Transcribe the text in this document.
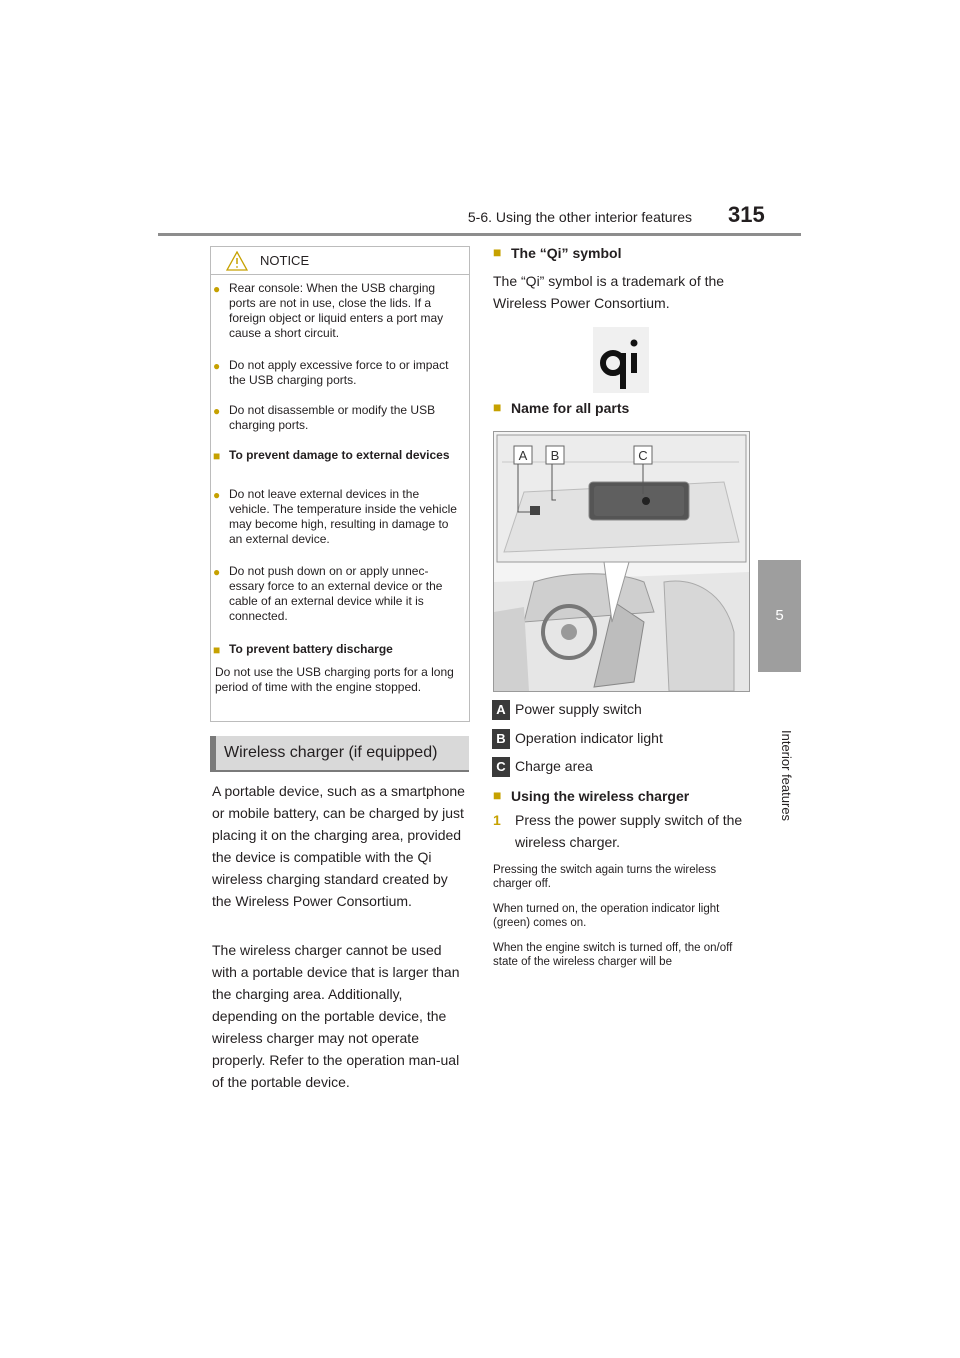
5-6. Using the other interior features 315
5
Interior features
NOTICE
● Rear console: When the USB charging ports are not in use, close the lids. If a foreign object or liquid enters a port may cause a short circuit.
● Do not apply excessive force to or impact the USB charging ports.
● Do not disassemble or modify the USB charging ports.
■ To prevent damage to external devices
● Do not leave external devices in the vehicle. The temperature inside the vehicle may become high, resulting in damage to an external device.
● Do not push down on or apply unnec-essary force to an external device or the cable of an external device while it is connected.
■ To prevent battery discharge
Do not use the USB charging ports for a long period of time with the engine stopped.
Wireless charger (if equipped)
A portable device, such as a smartphone or mobile battery, can be charged by just placing it on the charging area, provided the device is compatible with the Qi wireless charging standard created by the Wireless Power Consortium.
The wireless charger cannot be used with a portable device that is larger than the charging area. Additionally, depending on the portable device, the wireless charger may not operate properly. Refer to the operation man-ual of the portable device.
■ The “Qi” symbol
The “Qi” symbol is a trademark of the Wireless Power Consortium.
■ Name for all parts
A B	C
A Power supply switch
B Operation indicator light
C Charge area
■ Using the wireless charger
1 Press the power supply switch of the wireless charger.
Pressing the switch again turns the wireless charger off.
When turned on, the operation indicator light (green) comes on.
When the engine switch is turned off, the on/off state of the wireless charger will be
